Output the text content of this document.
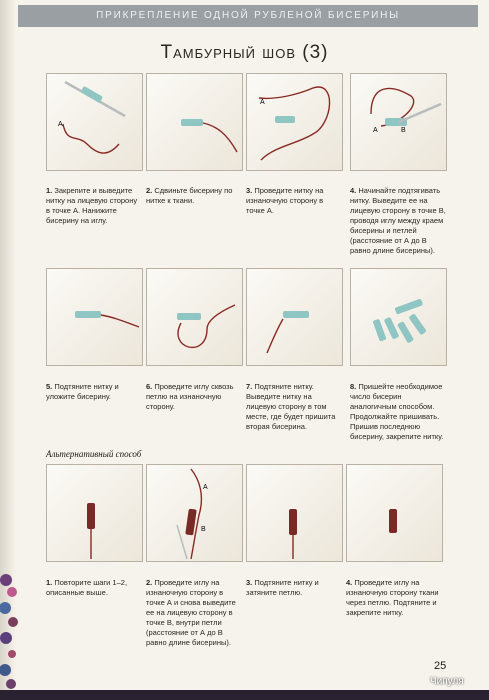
ПРИКРЕПЛЕНИЕ ОДНОЙ РУБЛЕНОЙ БИСЕРИНЫ
Тамбурный шов (3)
A
A
A	B
1. Закрепите и выведите нитку на лицевую сторону в точке А. Нанижите бисерину на иглу.
2. Сдвиньте бисерину по нитке к ткани.
3. Проведите нитку на изнаночную сторону в точке А.
4. Начинайте подтягивать нитку. Выведите ее на лицевую сторону в точке В, проводя иглу между краем бисерины и петлей (расстояние от А до В равно длине бисерины).
5. Подтяните нитку и уложите бисерину.
6. Проведите иглу сквозь петлю на изнаночную сторону.
7. Подтяните нитку. Выведите нитку на лицевую сторону в том месте, где будет пришита вторая бисерина.
8. Пришейте необходимое число бисерин аналогичным способом. Продолжайте пришивать. Пришив последнюю бисерину, закрепите нитку.
Альтернативный способ
A
B
1. Повторите шаги 1–2, описанные выше.
2. Проведите иглу на изнаночную сторону в точке А и снова выведите ее на лицевую сторону в точке В, внутри петли (расстояние от А до В равно длине бисерины).
3. Подтяните нитку и затяните петлю.
4. Проведите иглу на изнаночную сторону ткани через петлю. Подтяните и закрепите нитку.
25
Чипуля
